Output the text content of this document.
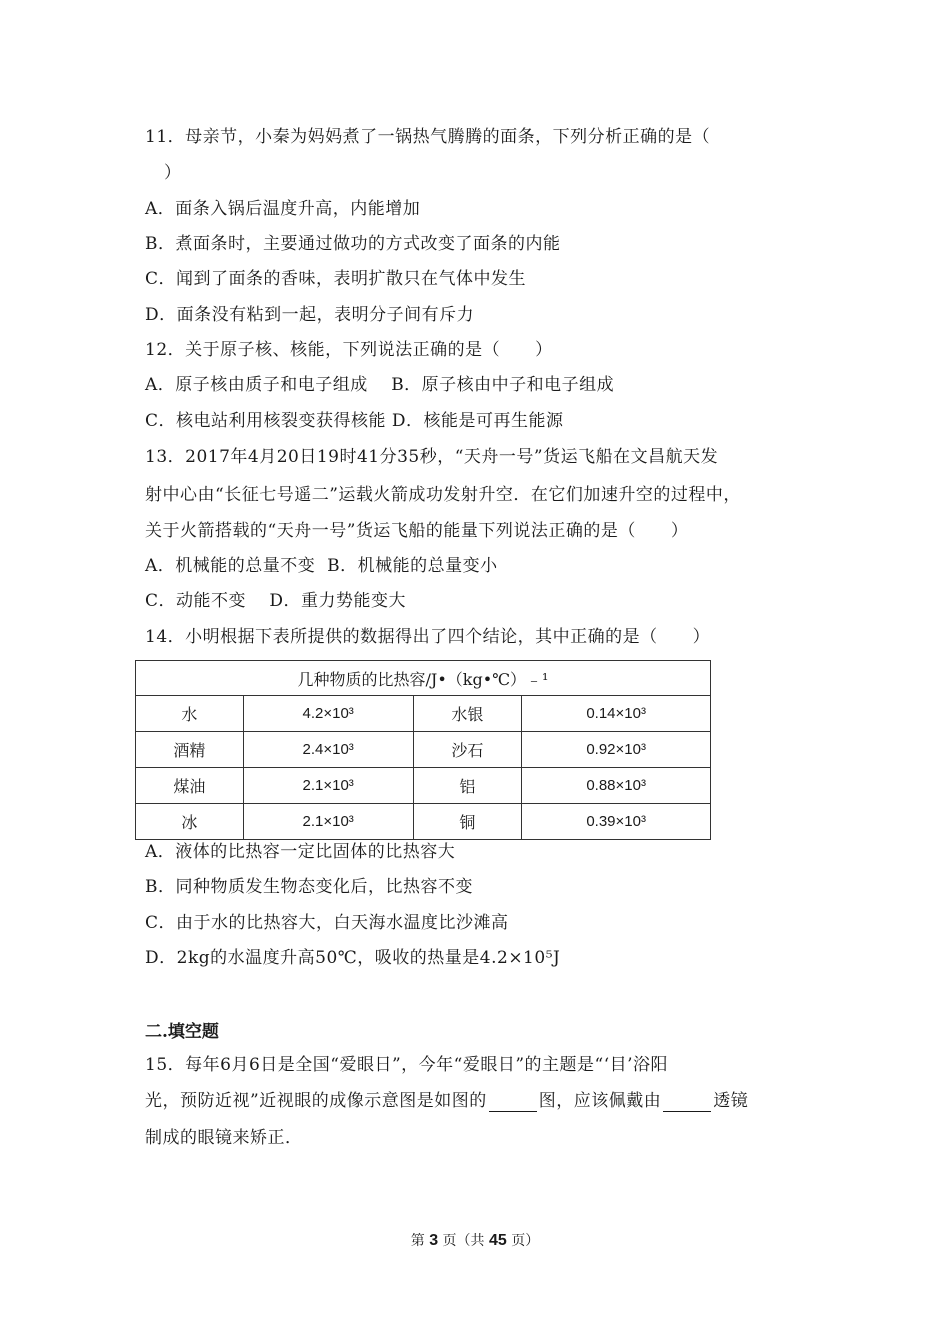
11．母亲节，小秦为妈妈煮了一锅热气腾腾的面条，下列分析正确的是（
）
A．面条入锅后温度升高，内能增加
B．煮面条时，主要通过做功的方式改变了面条的内能
C．闻到了面条的香味，表明扩散只在气体中发生
D．面条没有粘到一起，表明分子间有斥力
12．关于原子核、核能，下列说法正确的是（　　）
A．原子核由质子和电子组成　 B．原子核由中子和电子组成
C．核电站利用核裂变获得核能 D．核能是可再生能源
13．2017年4月20日19时41分35秒，“天舟一号”货运飞船在文昌航天发
射中心由“长征七号遥二”运载火箭成功发射升空．在它们加速升空的过程中，
关于火箭搭载的“天舟一号”货运飞船的能量下列说法正确的是（　　）
A．机械能的总量不变 B．机械能的总量变小
C．动能不变　 D．重力势能变大
14．小明根据下表所提供的数据得出了四个结论，其中正确的是（　　）
几种物质的比热容/J•（kg•℃）﹣¹			
水	4.2×10³	水银	0.14×10³
酒精	2.4×10³	沙石	0.92×10³
煤油	2.1×10³	铝	0.88×10³
冰	2.1×10³	铜	0.39×10³
A．液体的比热容一定比固体的比热容大
B．同种物质发生物态变化后，比热容不变
C．由于水的比热容大，白天海水温度比沙滩高
D．2kg的水温度升高50℃，吸收的热量是4.2×10⁵J
二.填空题
15．每年6月6日是全国“爱眼日”，今年“爱眼日”的主题是“‘目’浴阳
光，预防近视”近视眼的成像示意图是如图的	图，应该佩戴由	透镜
制成的眼镜来矫正．
第 3 页（共 45 页）
